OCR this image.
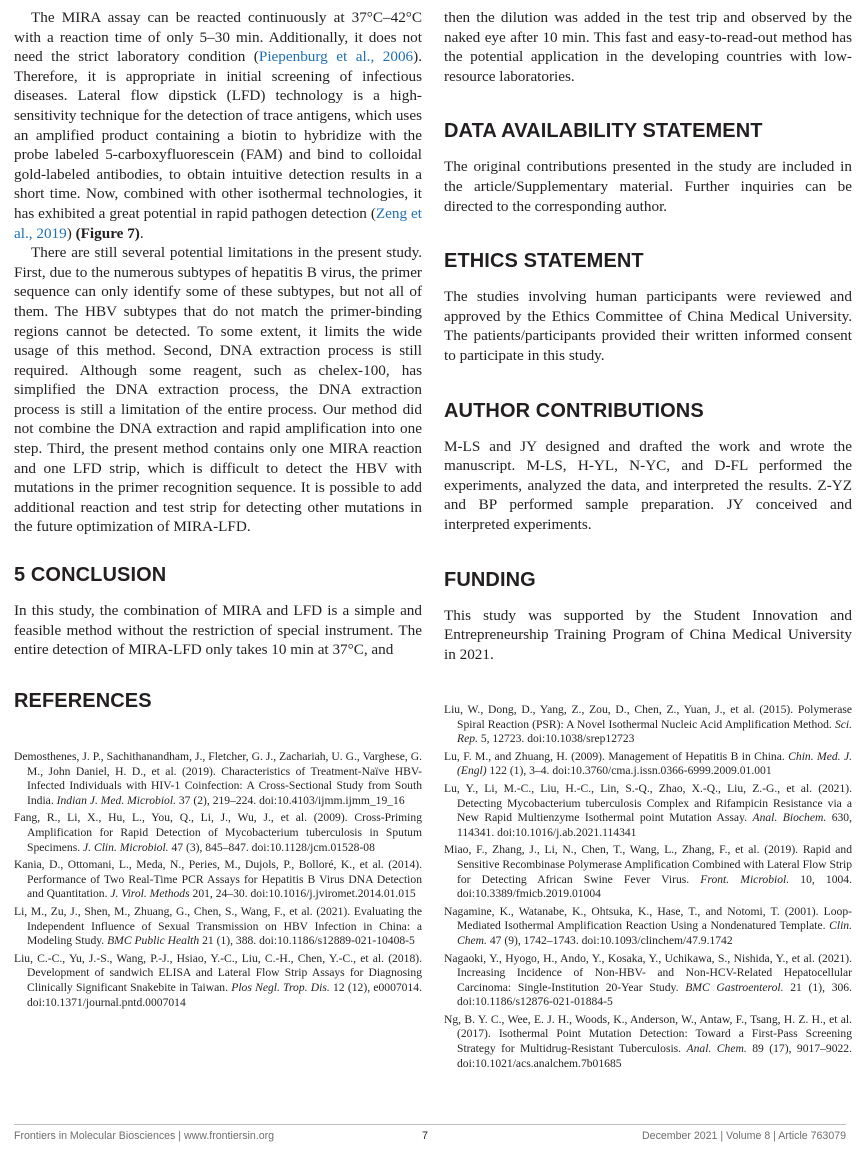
The MIRA assay can be reacted continuously at 37°C–42°C with a reaction time of only 5–30 min. Additionally, it does not need the strict laboratory condition (Piepenburg et al., 2006). Therefore, it is appropriate in initial screening of infectious diseases. Lateral flow dipstick (LFD) technology is a high-sensitivity technique for the detection of trace antigens, which uses an amplified product containing a biotin to hybridize with the probe labeled 5-carboxyfluorescein (FAM) and bind to colloidal gold-labeled antibodies, to obtain intuitive detection results in a short time. Now, combined with other isothermal technologies, it has exhibited a great potential in rapid pathogen detection (Zeng et al., 2019) (Figure 7).

There are still several potential limitations in the present study. First, due to the numerous subtypes of hepatitis B virus, the primer sequence can only identify some of these subtypes, but not all of them. The HBV subtypes that do not match the primer-binding regions cannot be detected. To some extent, it limits the wide usage of this method. Second, DNA extraction process is still required. Although some reagent, such as chelex-100, has simplified the DNA extraction process, the DNA extraction process is still a limitation of the entire process. Our method did not combine the DNA extraction and rapid amplification into one step. Third, the present method contains only one MIRA reaction and one LFD strip, which is difficult to detect the HBV with mutations in the primer recognition sequence. It is possible to add additional reaction and test strip for detecting other mutations in the future optimization of MIRA-LFD.

5 CONCLUSION

In this study, the combination of MIRA and LFD is a simple and feasible method without the restriction of special instrument. The entire detection of MIRA-LFD only takes 10 min at 37°C, and

REFERENCES

then the dilution was added in the test trip and observed by the naked eye after 10 min. This fast and easy-to-read-out method has the potential application in the developing countries with low-resource laboratories.

DATA AVAILABILITY STATEMENT

The original contributions presented in the study are included in the article/Supplementary material. Further inquiries can be directed to the corresponding author.

ETHICS STATEMENT

The studies involving human participants were reviewed and approved by the Ethics Committee of China Medical University. The patients/participants provided their written informed consent to participate in this study.

AUTHOR CONTRIBUTIONS

M-LS and JY designed and drafted the work and wrote the manuscript. M-LS, H-YL, N-YC, and D-FL performed the experiments, analyzed the data, and interpreted the results. Z-YZ and BP performed sample preparation. JY conceived and interpreted experiments.

FUNDING

This study was supported by the Student Innovation and Entrepreneurship Training Program of China Medical University in 2021.

Demosthenes, J. P., Sachithanandham, J., Fletcher, G. J., Zachariah, U. G., Varghese, G. M., John Daniel, H. D., et al. (2019). Characteristics of Treatment-Naïve HBV-Infected Individuals with HIV-1 Coinfection: A Cross-Sectional Study from South India. Indian J. Med. Microbiol. 37 (2), 219–224. doi:10.4103/ijmm.ijmm_19_16

Fang, R., Li, X., Hu, L., You, Q., Li, J., Wu, J., et al. (2009). Cross-Priming Amplification for Rapid Detection of Mycobacterium tuberculosis in Sputum Specimens. J. Clin. Microbiol. 47 (3), 845–847. doi:10.1128/jcm.01528-08

Kania, D., Ottomani, L., Meda, N., Peries, M., Dujols, P., Bolloré, K., et al. (2014). Performance of Two Real-Time PCR Assays for Hepatitis B Virus DNA Detection and Quantitation. J. Virol. Methods 201, 24–30. doi:10.1016/j.jviromet.2014.01.015

Li, M., Zu, J., Shen, M., Zhuang, G., Chen, S., Wang, F., et al. (2021). Evaluating the Independent Influence of Sexual Transmission on HBV Infection in China: a Modeling Study. BMC Public Health 21 (1), 388. doi:10.1186/s12889-021-10408-5

Liu, C.-C., Yu, J.-S., Wang, P.-J., Hsiao, Y.-C., Liu, C.-H., Chen, Y.-C., et al. (2018). Development of sandwich ELISA and Lateral Flow Strip Assays for Diagnosing Clinically Significant Snakebite in Taiwan. Plos Negl. Trop. Dis. 12 (12), e0007014. doi:10.1371/journal.pntd.0007014

Liu, W., Dong, D., Yang, Z., Zou, D., Chen, Z., Yuan, J., et al. (2015). Polymerase Spiral Reaction (PSR): A Novel Isothermal Nucleic Acid Amplification Method. Sci. Rep. 5, 12723. doi:10.1038/srep12723

Lu, F. M., and Zhuang, H. (2009). Management of Hepatitis B in China. Chin. Med. J. (Engl) 122 (1), 3–4. doi:10.3760/cma.j.issn.0366-6999.2009.01.001

Lu, Y., Li, M.-C., Liu, H.-C., Lin, S.-Q., Zhao, X.-Q., Liu, Z.-G., et al. (2021). Detecting Mycobacterium tuberculosis Complex and Rifampicin Resistance via a New Rapid Multienzyme Isothermal point Mutation Assay. Anal. Biochem. 630, 114341. doi:10.1016/j.ab.2021.114341

Miao, F., Zhang, J., Li, N., Chen, T., Wang, L., Zhang, F., et al. (2019). Rapid and Sensitive Recombinase Polymerase Amplification Combined with Lateral Flow Strip for Detecting African Swine Fever Virus. Front. Microbiol. 10, 1004. doi:10.3389/fmicb.2019.01004

Nagamine, K., Watanabe, K., Ohtsuka, K., Hase, T., and Notomi, T. (2001). Loop-Mediated Isothermal Amplification Reaction Using a Nondenatured Template. Clin. Chem. 47 (9), 1742–1743. doi:10.1093/clinchem/47.9.1742

Nagaoki, Y., Hyogo, H., Ando, Y., Kosaka, Y., Uchikawa, S., Nishida, Y., et al. (2021). Increasing Incidence of Non-HBV- and Non-HCV-Related Hepatocellular Carcinoma: Single-Institution 20-Year Study. BMC Gastroenterol. 21 (1), 306. doi:10.1186/s12876-021-01884-5

Ng, B. Y. C., Wee, E. J. H., Woods, K., Anderson, W., Antaw, F., Tsang, H. Z. H., et al. (2017). Isothermal Point Mutation Detection: Toward a First-Pass Screening Strategy for Multidrug-Resistant Tuberculosis. Anal. Chem. 89 (17), 9017–9022. doi:10.1021/acs.analchem.7b01685

Frontiers in Molecular Biosciences | www.frontiersin.org	7	December 2021 | Volume 8 | Article 763079
